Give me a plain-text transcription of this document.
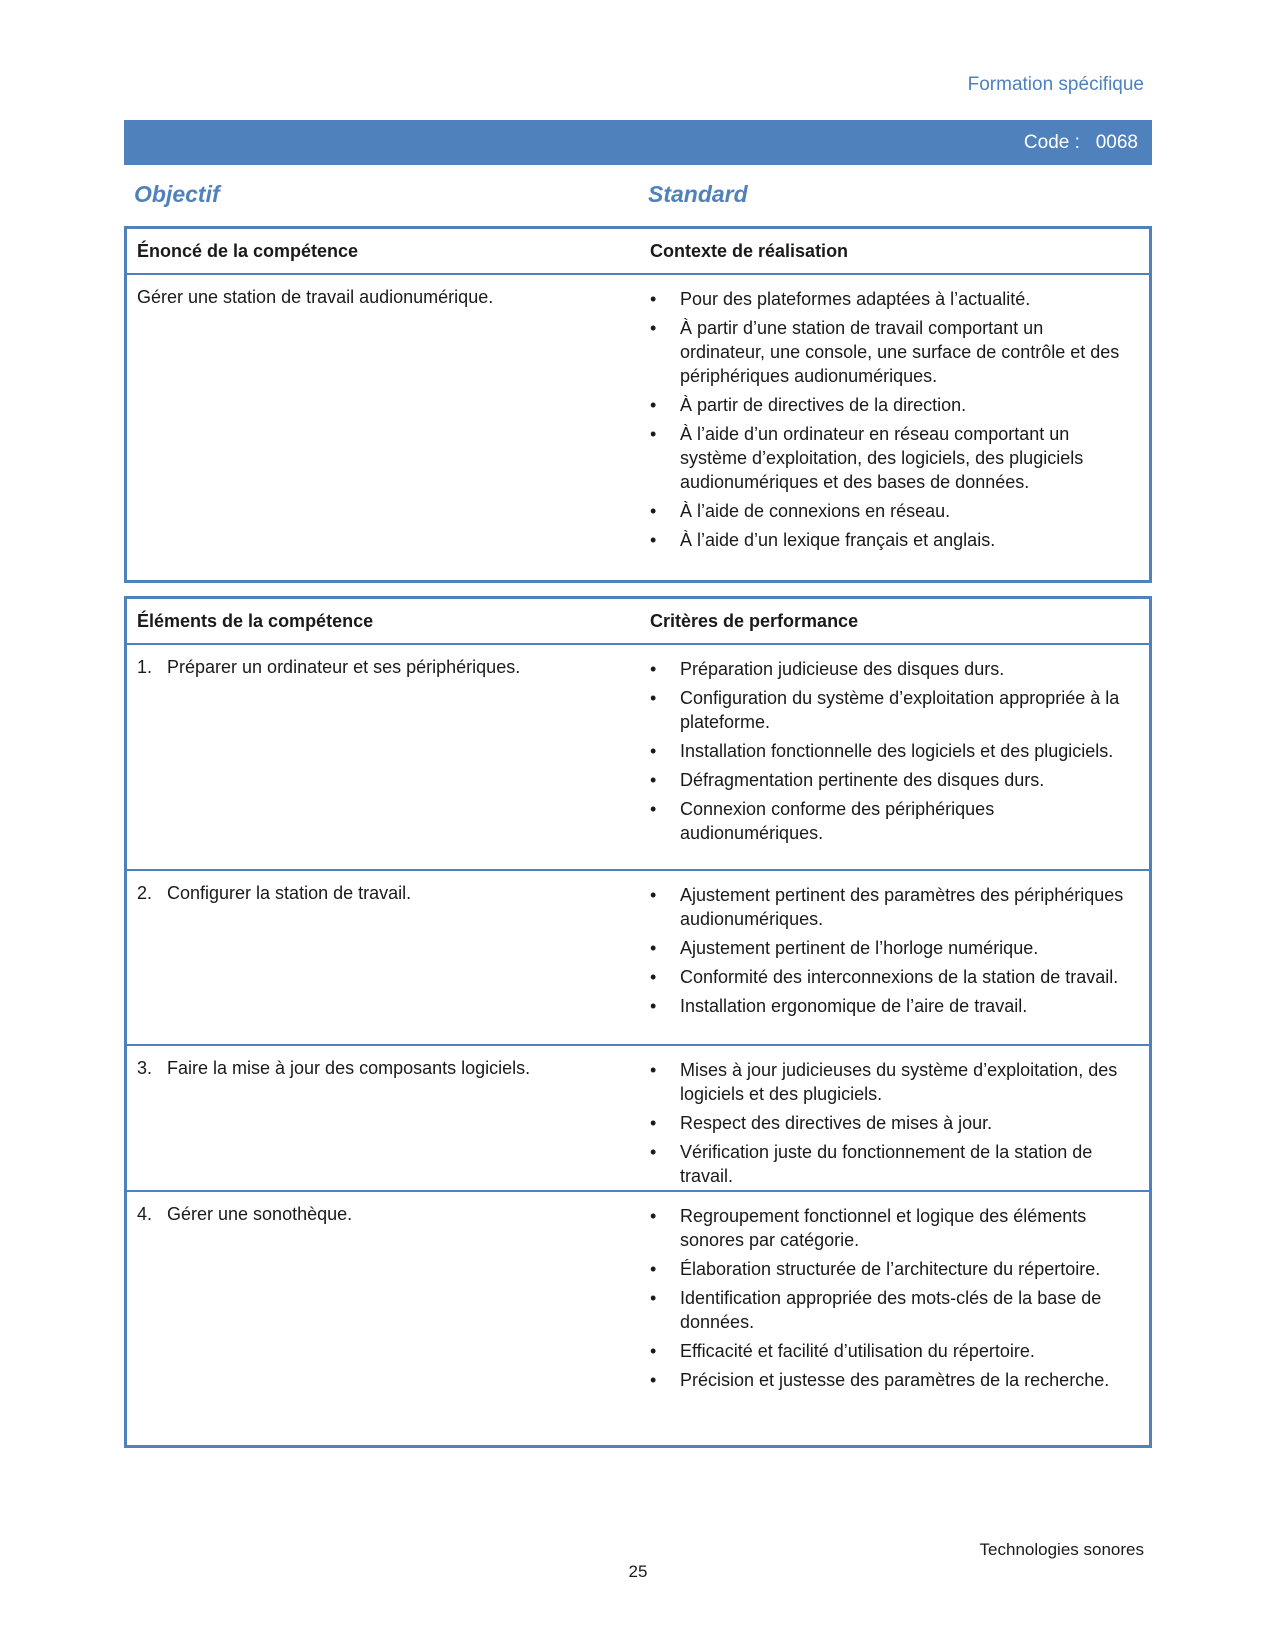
Formation spécifique
Code :   0068
Objectif	Standard
Énoncé de la compétence	Contexte de réalisation
Gérer une station de travail audionumérique.	• Pour des plateformes adaptées à l’actualité.
• À partir d’une station de travail comportant un ordinateur, une console, une surface de contrôle et des périphériques audionumériques.
• À partir de directives de la direction.
• À l’aide d’un ordinateur en réseau comportant un système d’exploitation, des logiciels, des plugiciels audionumériques et des bases de données.
• À l’aide de connexions en réseau.
• À l’aide d’un lexique français et anglais.
Éléments de la compétence	Critères de performance
1. Préparer un ordinateur et ses périphériques.	• Préparation judicieuse des disques durs.
• Configuration du système d’exploitation appropriée à la plateforme.
• Installation fonctionnelle des logiciels et des plugiciels.
• Défragmentation pertinente des disques durs.
• Connexion conforme des périphériques audionumériques.
2. Configurer la station de travail.	• Ajustement pertinent des paramètres des périphériques audionumériques.
• Ajustement pertinent de l’horloge numérique.
• Conformité des interconnexions de la station de travail.
• Installation ergonomique de l’aire de travail.
3. Faire la mise à jour des composants logiciels.	• Mises à jour judicieuses du système d’exploitation, des logiciels et des plugiciels.
• Respect des directives de mises à jour.
• Vérification juste du fonctionnement de la station de travail.
4. Gérer une sonothèque.	• Regroupement fonctionnel et logique des éléments sonores par catégorie.
• Élaboration structurée de l’architecture du répertoire.
• Identification appropriée des mots-clés de la base de données.
• Efficacité et facilité d’utilisation du répertoire.
• Précision et justesse des paramètres de la recherche.
Technologies sonores
25
